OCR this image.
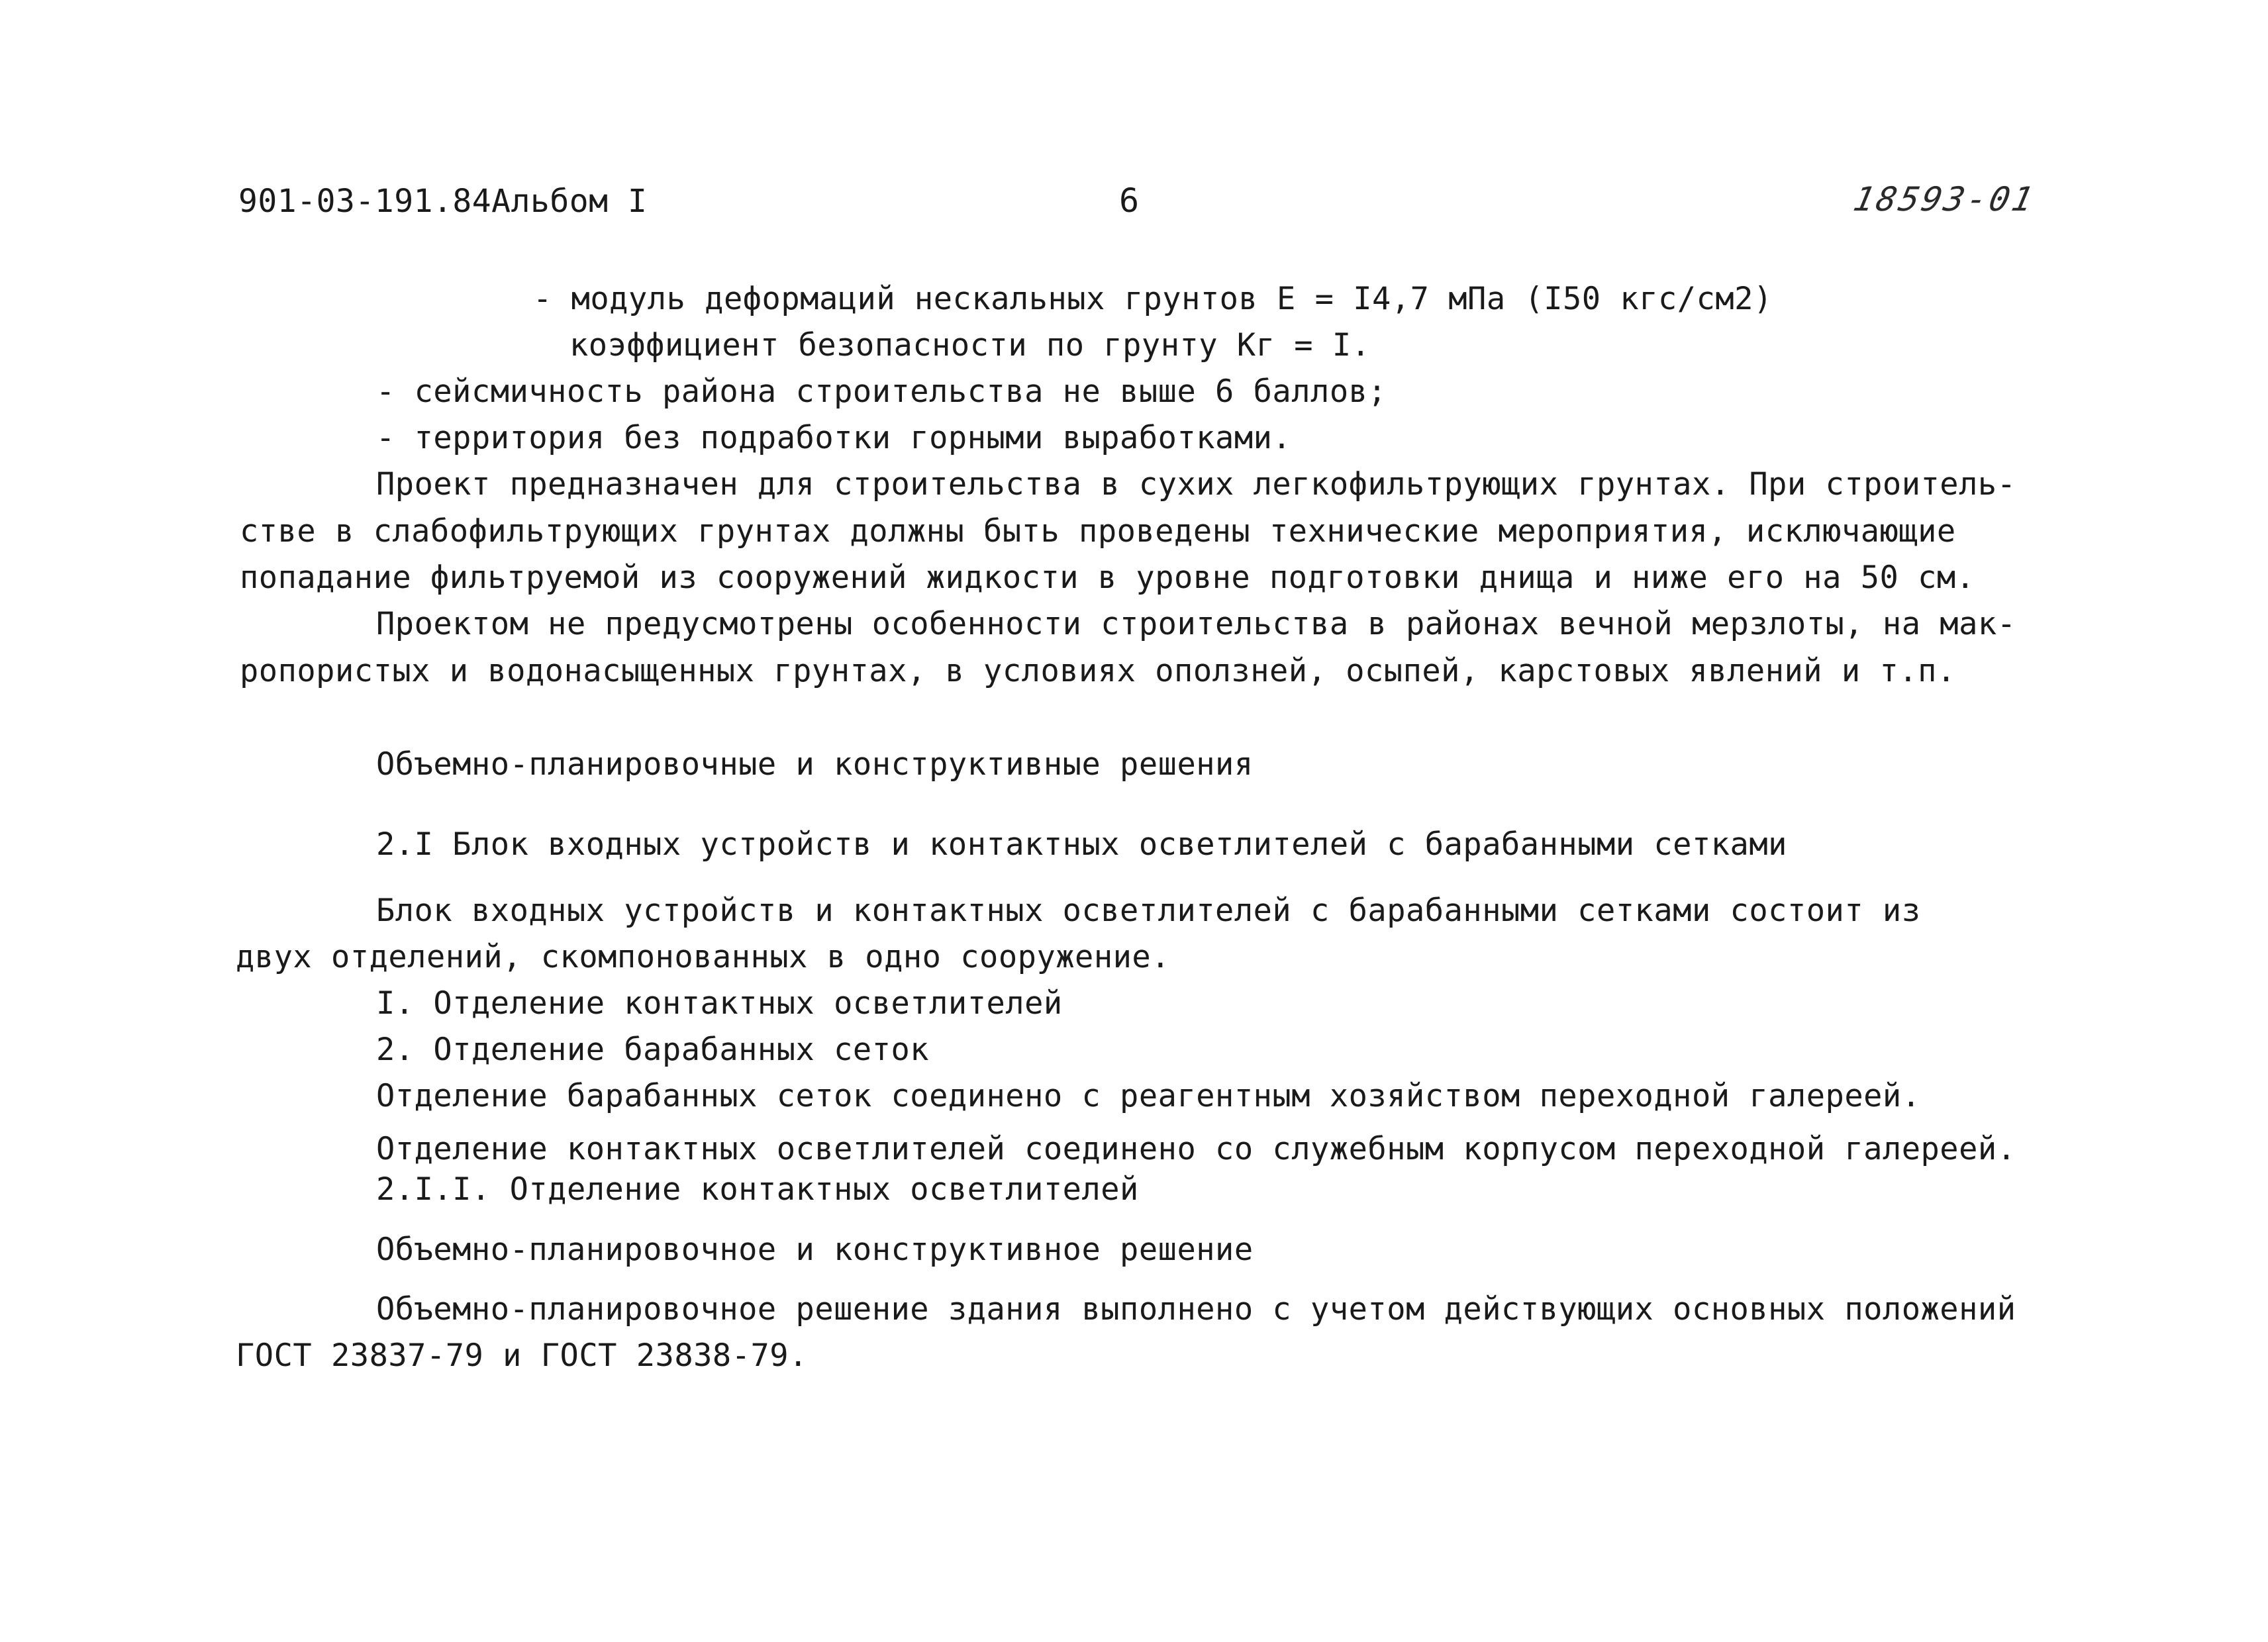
901-03-191.84Альбом I	6	18593-01
- модуль деформаций нескальных грунтов E = I4,7 мПа (I50 кгс/см2)
коэффициент безопасности по грунту Кг = I.
- сейсмичность района строительства не выше 6 баллов;
- территория без подработки горными выработками.
Проект предназначен для строительства в сухих легкофильтрующих грунтах. При строитель-
стве в слабофильтрующих грунтах должны быть проведены технические мероприятия, исключающие
попадание фильтруемой из сооружений жидкости в уровне подготовки днища и ниже его на 50 см.
Проектом не предусмотрены особенности строительства в районах вечной мерзлоты, на мак-
ропористых и водонасыщенных грунтах, в условиях оползней, осыпей, карстовых явлений и т.п.
Объемно-планировочные и конструктивные решения
2.I Блок входных устройств и контактных осветлителей с барабанными сетками
Блок входных устройств и контактных осветлителей с барабанными сетками состоит из
двух отделений, скомпонованных в одно сооружение.
I. Отделение контактных осветлителей
2. Отделение барабанных сеток
Отделение барабанных сеток соединено с реагентным хозяйством переходной галереей.
Отделение контактных осветлителей соединено со служебным корпусом переходной галереей.
2.I.I. Отделение контактных осветлителей
Объемно-планировочное и конструктивное решение
Объемно-планировочное решение здания выполнено с учетом действующих основных положений
ГОСТ 23837-79 и ГОСТ 23838-79.
